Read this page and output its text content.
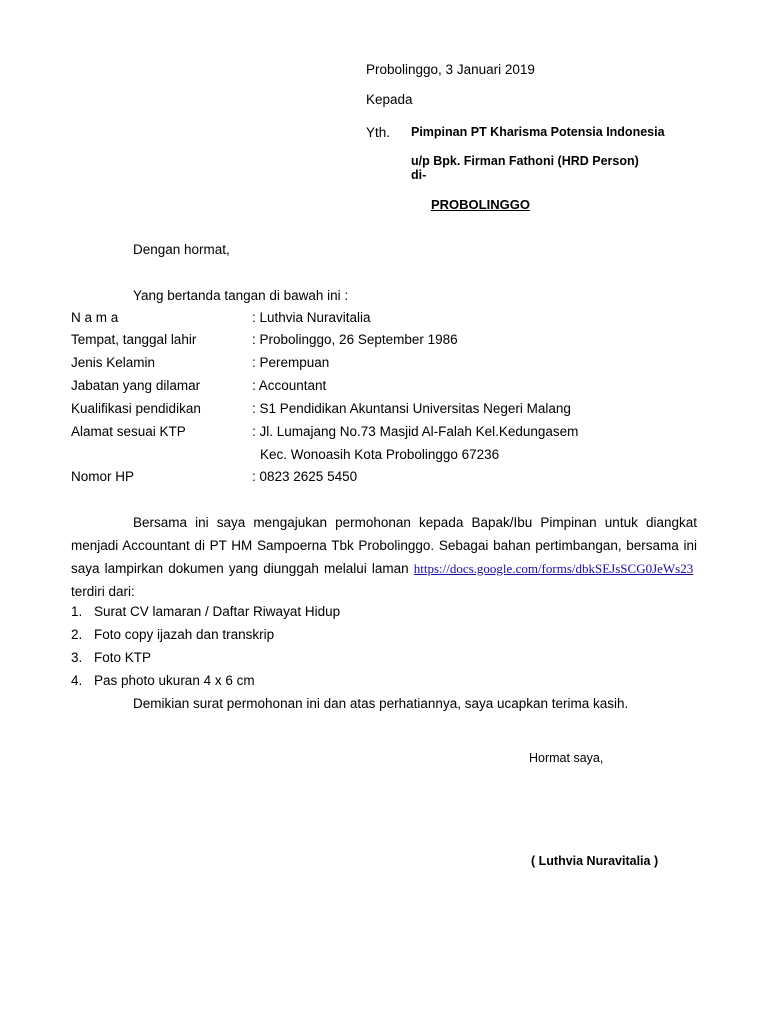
Probolinggo, 3 Januari 2019
Kepada
Yth. Pimpinan PT Kharisma Potensia Indonesia
u/p Bpk. Firman Fathoni (HRD Person)
di-
PROBOLINGGO
Dengan hormat,
Yang bertanda tangan di bawah ini :
N a m a	: Luthvia Nuravitalia
Tempat, tanggal lahir	: Probolinggo, 26 September 1986
Jenis Kelamin	: Perempuan
Jabatan yang dilamar	: Accountant
Kualifikasi pendidikan	: S1 Pendidikan Akuntansi Universitas Negeri Malang
Alamat sesuai KTP	: Jl. Lumajang No.73 Masjid Al-Falah Kel.Kedungasem
Kec. Wonoasih Kota Probolinggo 67236
Nomor HP	: 0823 2625 5450
Bersama ini saya mengajukan permohonan kepada Bapak/Ibu Pimpinan untuk diangkat menjadi Accountant di PT HM Sampoerna Tbk Probolinggo. Sebagai bahan pertimbangan, bersama ini saya lampirkan dokumen yang diunggah melalui laman https://docs.google.com/forms/dbkSEJsSCG0JeWs23  terdiri dari:
1. Surat CV lamaran / Daftar Riwayat Hidup
2. Foto copy ijazah dan transkrip
3. Foto KTP
4. Pas photo ukuran 4 x 6 cm
Demikian surat permohonan ini dan atas perhatiannya, saya ucapkan terima kasih.
Hormat saya,
( Luthvia Nuravitalia )
